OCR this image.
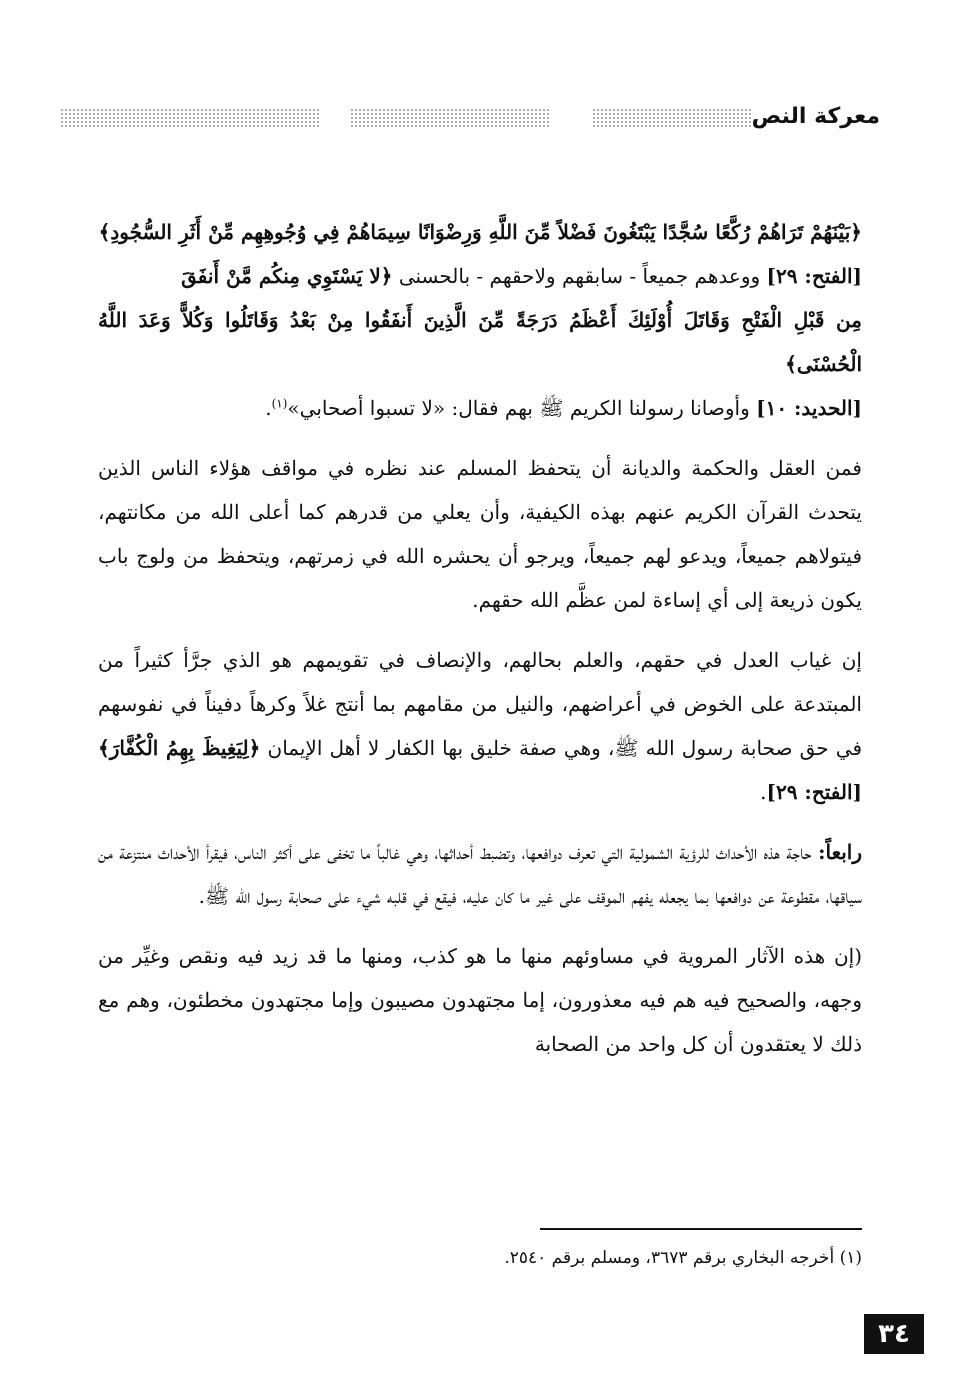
معركة النص

﴿بَيْنَهُمْ تَرَاهُمْ رُكَّعًا سُجَّدًا يَبْتَغُونَ فَضْلاً مِّنَ اللَّهِ وَرِضْوَانًا سِيمَاهُمْ فِي وُجُوهِهِم مِّنْ أَثَرِ السُّجُودِ﴾
[الفتح: ٢٩] ووعدهم جميعاً - سابقهم ولاحقهم - بالحسنى ﴿لا يَسْتَوِي مِنكُم مَّنْ أَنفَقَ
مِن قَبْلِ الْفَتْحِ وَقَاتَلَ أُوْلَئِكَ أَعْظَمُ دَرَجَةً مِّنَ الَّذِينَ أَنفَقُوا مِنْ بَعْدُ وَقَاتَلُوا وَكُلاًّ وَعَدَ اللَّهُ الْحُسْنَى﴾
[الحديد: ١٠] وأوصانا رسولنا الكريم ﷺ بهم فقال: «لا تسبوا أصحابي»$^{(١)}$.

فمن العقل والحكمة والديانة أن يتحفظ المسلم عند نظره في مواقف هؤلاء الناس الذين يتحدث القرآن الكريم عنهم بهذه الكيفية، وأن يعلي من قدرهم كما أعلى الله من مكانتهم، فيتولاهم جميعاً، ويدعو لهم جميعاً، ويرجو أن يحشره الله في زمرتهم، ويتحفظ من ولوج باب يكون ذريعة إلى أي إساءة لمن عظَّم الله حقهم.

إن غياب العدل في حقهم، والعلم بحالهم، والإنصاف في تقويمهم هو الذي جرَّأ كثيراً من المبتدعة على الخوض في أعراضهم، والنيل من مقامهم بما أنتج غلاً وكرهاً دفيناً في نفوسهم في حق صحابة رسول الله ﷺ، وهي صفة خليق بها الكفار لا أهل الإيمان ﴿لِيَغِيظَ بِهِمُ الْكُفَّارَ﴾ [الفتح: ٢٩].

رابعاً: حاجة هذه الأحداث للرؤية الشمولية التي تعرف دوافعها، وتضبط أحداثها، وهي غالباً ما تخفى على أكثر الناس، فيقرأ الأحداث منتزعة من سياقها، مقطوعة عن دوافعها بما يجعله يفهم الموقف على غير ما كان عليه، فيقع في قلبه شيء على صحابة رسول الله ﷺ.

(إن هذه الآثار المروية في مساوئهم منها ما هو كذب، ومنها ما قد زيد فيه ونقص وغيِّر من وجهه، والصحيح فيه هم فيه معذورون، إما مجتهدون مصيبون وإما مجتهدون مخطئون، وهم مع ذلك لا يعتقدون أن كل واحد من الصحابة

(١) أخرجه البخاري برقم ٣٦٧٣، ومسلم برقم ٢٥٤٠.
٣٤
